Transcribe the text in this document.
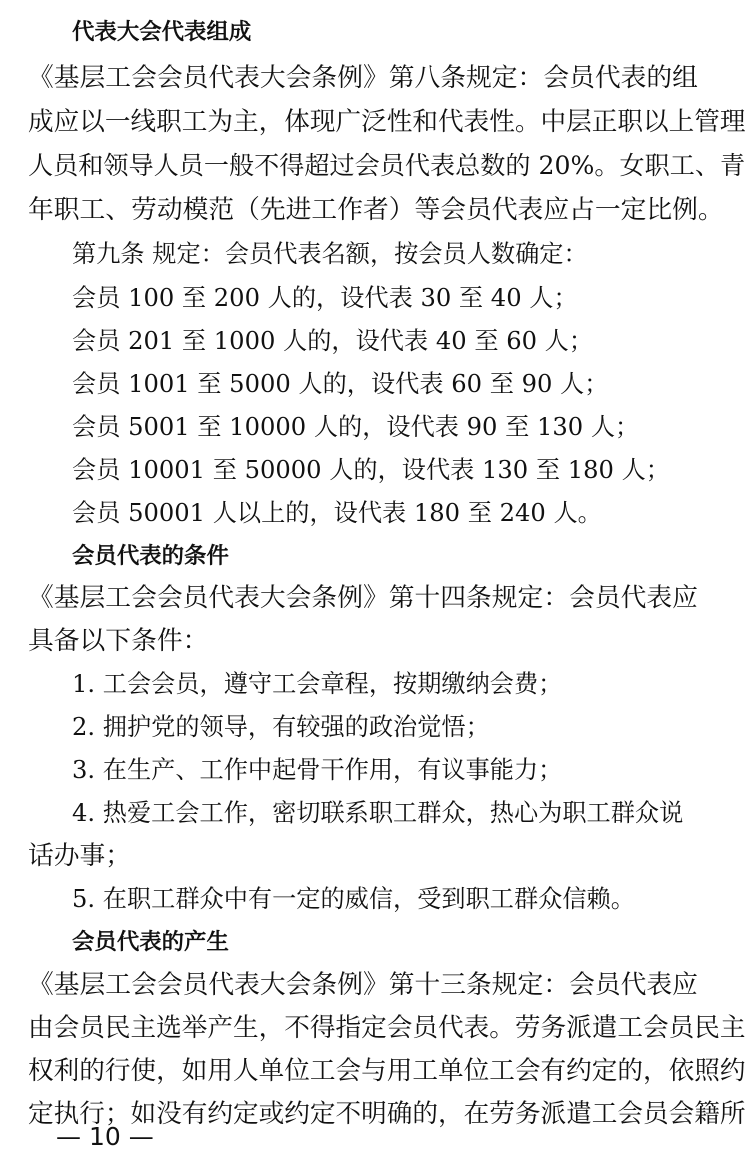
代表大会代表组成
《基层工会会员代表大会条例》第八条规定：会员代表的组
成应以一线职工为主，体现广泛性和代表性。中层正职以上管理
人员和领导人员一般不得超过会员代表总数的 20%。女职工、青
年职工、劳动模范（先进工作者）等会员代表应占一定比例。
第九条 规定：会员代表名额，按会员人数确定：
会员 100 至 200 人的，设代表 30 至 40 人；
会员 201 至 1000 人的，设代表 40 至 60 人；
会员 1001 至 5000 人的，设代表 60 至 90 人；
会员 5001 至 10000 人的，设代表 90 至 130 人；
会员 10001 至 50000 人的，设代表 130 至 180 人；
会员 50001 人以上的，设代表 180 至 240 人。
会员代表的条件
《基层工会会员代表大会条例》第十四条规定：会员代表应
具备以下条件：
1. 工会会员，遵守工会章程，按期缴纳会费；
2. 拥护党的领导，有较强的政治觉悟；
3. 在生产、工作中起骨干作用，有议事能力；
4. 热爱工会工作，密切联系职工群众，热心为职工群众说
话办事；
5. 在职工群众中有一定的威信，受到职工群众信赖。
会员代表的产生
《基层工会会员代表大会条例》第十三条规定：会员代表应
由会员民主选举产生，不得指定会员代表。劳务派遣工会员民主
权利的行使，如用人单位工会与用工单位工会有约定的，依照约
定执行；如没有约定或约定不明确的，在劳务派遣工会员会籍所
— 10 —
